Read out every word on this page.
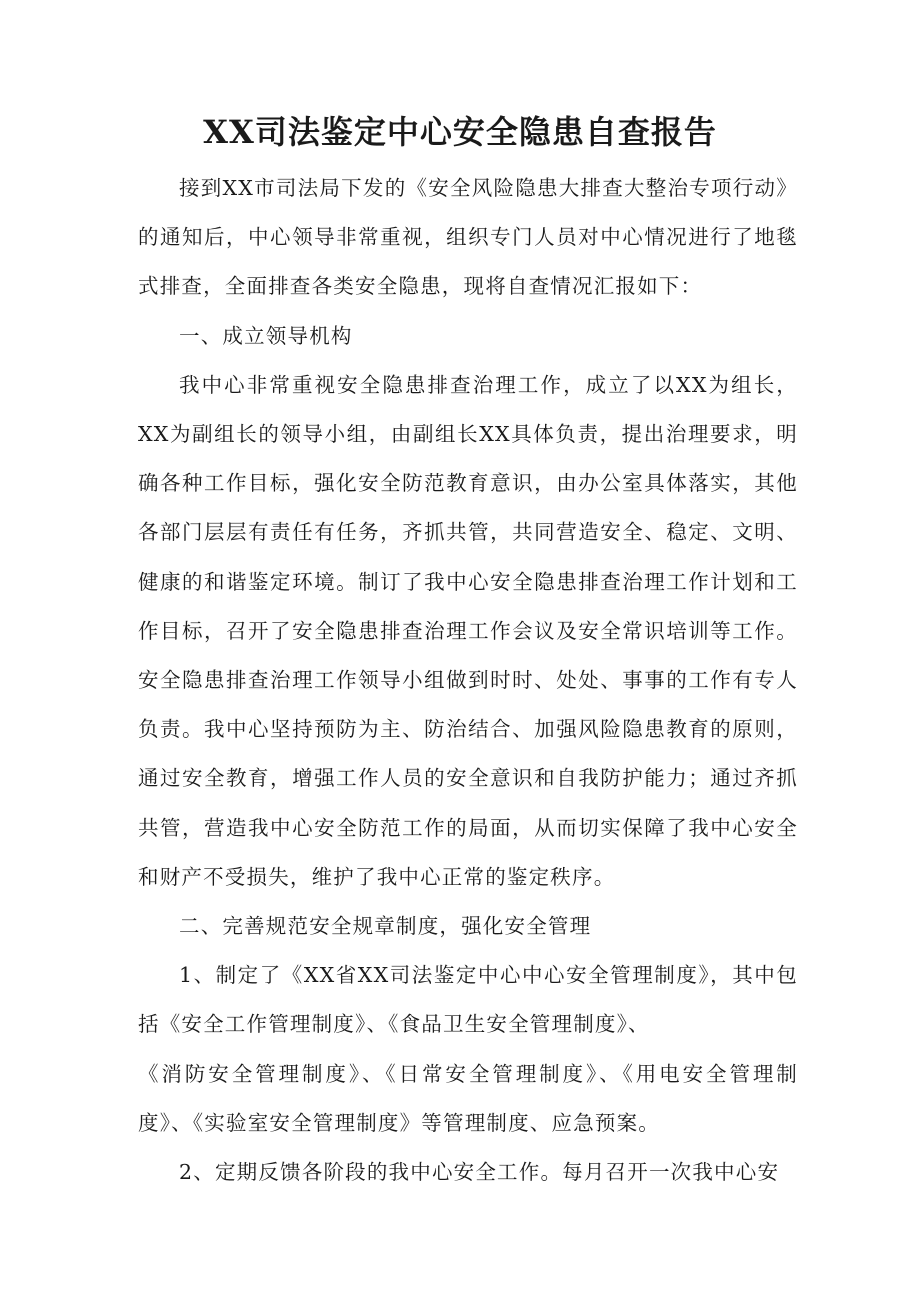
XX司法鉴定中心安全隐患自查报告

接到XX市司法局下发的《安全风险隐患大排查大整治专项行动》的通知后，中心领导非常重视，组织专门人员对中心情况进行了地毯式排查，全面排查各类安全隐患，现将自查情况汇报如下：

一、成立领导机构

我中心非常重视安全隐患排查治理工作，成立了以XX为组长，XX为副组长的领导小组，由副组长XX具体负责，提出治理要求，明确各种工作目标，强化安全防范教育意识，由办公室具体落实，其他各部门层层有责任有任务，齐抓共管，共同营造安全、稳定、文明、健康的和谐鉴定环境。制订了我中心安全隐患排查治理工作计划和工作目标，召开了安全隐患排查治理工作会议及安全常识培训等工作。安全隐患排查治理工作领导小组做到时时、处处、事事的工作有专人负责。我中心坚持预防为主、防治结合、加强风险隐患教育的原则，通过安全教育，增强工作人员的安全意识和自我防护能力；通过齐抓共管，营造我中心安全防范工作的局面，从而切实保障了我中心安全和财产不受损失，维护了我中心正常的鉴定秩序。

二、完善规范安全规章制度，强化安全管理

1、制定了《XX省XX司法鉴定中心中心安全管理制度》，其中包括《安全工作管理制度》、《食品卫生安全管理制度》、

《消防安全管理制度》、《日常安全管理制度》、《用电安全管理制度》、《实验室安全管理制度》等管理制度、应急预案。

2、定期反馈各阶段的我中心安全工作。每月召开一次我中心安
